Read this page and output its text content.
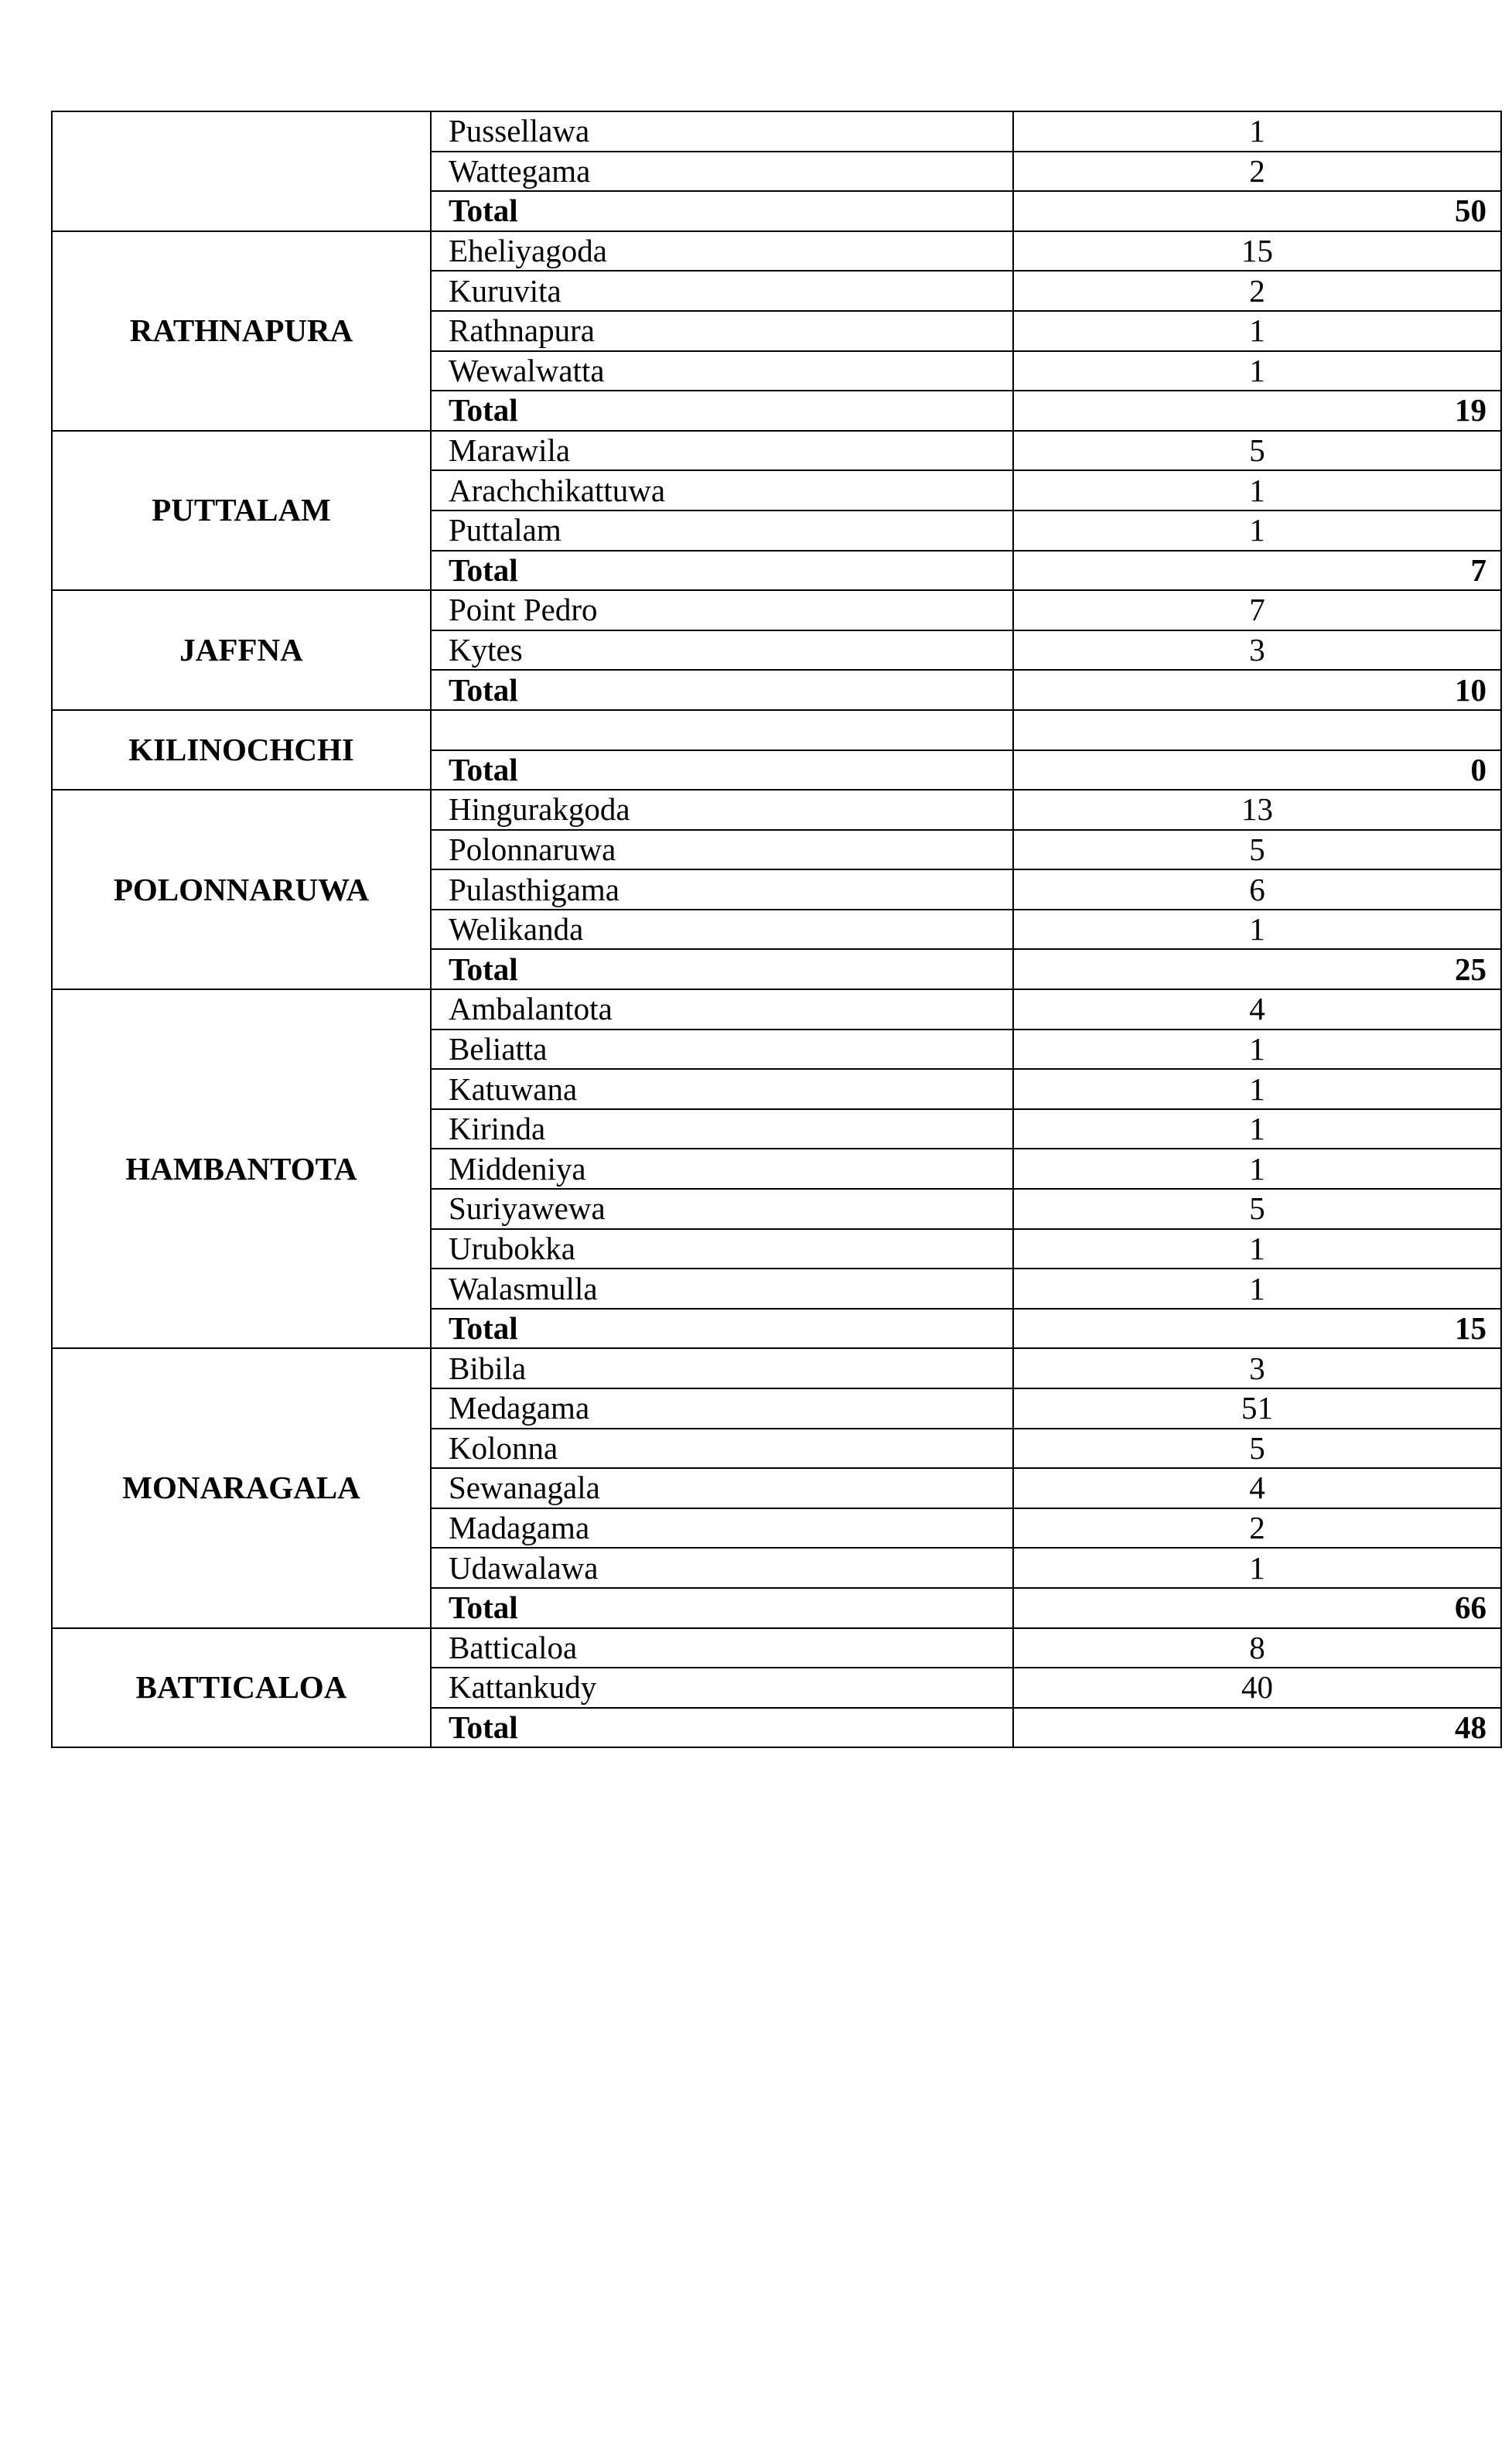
	Pussellawa	1
	Wattegama	2
	Total	50
RATHNAPURA	Eheliyagoda	15
	Kuruvita	2
	Rathnapura	1
	Wewalwatta	1
	Total	19
PUTTALAM	Marawila	5
	Arachchikattuwa	1
	Puttalam	1
	Total	7
JAFFNA	Point Pedro	7
	Kytes	3
	Total	10
KILINOCHCHI		
	Total	0
POLONNARUWA	Hingurakgoda	13
	Polonnaruwa	5
	Pulasthigama	6
	Welikanda	1
	Total	25
HAMBANTOTA	Ambalantota	4
	Beliatta	1
	Katuwana	1
	Kirinda	1
	Middeniya	1
	Suriyawewa	5
	Urubokka	1
	Walasmulla	1
	Total	15
MONARAGALA	Bibila	3
	Medagama	51
	Kolonna	5
	Sewanagala	4
	Madagama	2
	Udawalawa	1
	Total	66
BATTICALOA	Batticaloa	8
	Kattankudy	40
	Total	48
